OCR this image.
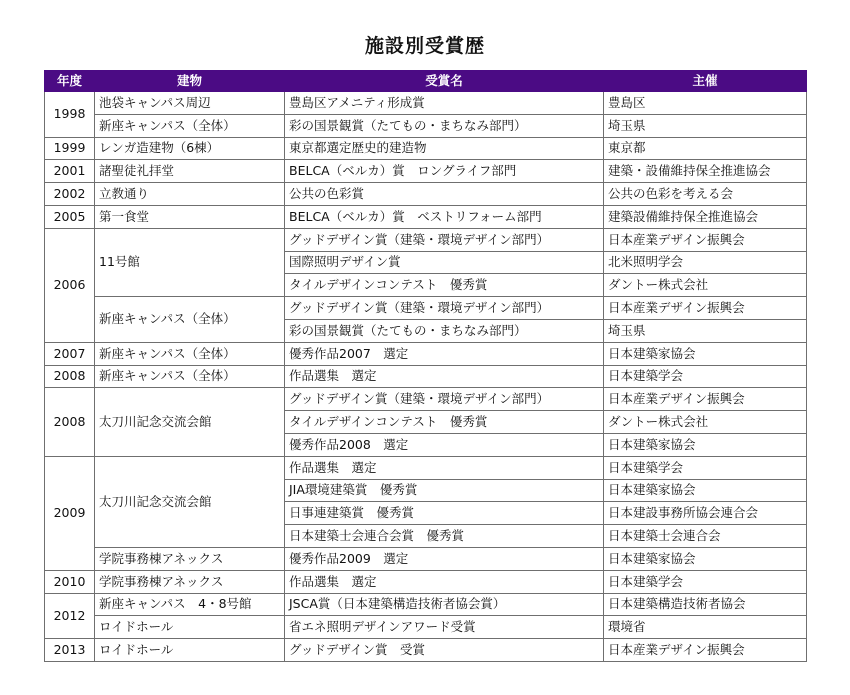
施設別受賞歴
年度	建物	受賞名	主催
1998	池袋キャンパス周辺	豊島区アメニティ形成賞	豊島区
	新座キャンパス（全体）	彩の国景観賞（たてもの・まちなみ部門）	埼玉県
1999	レンガ造建物（6棟）	東京都選定歴史的建造物	東京都
2001	諸聖徒礼拝堂	BELCA（ベルカ）賞　ロングライフ部門	建築・設備維持保全推進協会
2002	立教通り	公共の色彩賞	公共の色彩を考える会
2005	第一食堂	BELCA（ベルカ）賞　ベストリフォーム部門	建築設備維持保全推進協会
2006	11号館	グッドデザイン賞（建築・環境デザイン部門）	日本産業デザイン振興会
		国際照明デザイン賞	北米照明学会
		タイルデザインコンテスト　優秀賞	ダントー株式会社
	新座キャンパス（全体）	グッドデザイン賞（建築・環境デザイン部門）	日本産業デザイン振興会
		彩の国景観賞（たてもの・まちなみ部門）	埼玉県
2007	新座キャンパス（全体）	優秀作品2007　選定	日本建築家協会
2008	新座キャンパス（全体）	作品選集　選定	日本建築学会
2008	太刀川記念交流会館	グッドデザイン賞（建築・環境デザイン部門）	日本産業デザイン振興会
		タイルデザインコンテスト　優秀賞	ダントー株式会社
		優秀作品2008　選定	日本建築家協会
2009	太刀川記念交流会館	作品選集　選定	日本建築学会
		JIA環境建築賞　優秀賞	日本建築家協会
		日事連建築賞　優秀賞	日本建設事務所協会連合会
		日本建築士会連合会賞　優秀賞	日本建築士会連合会
	学院事務棟アネックス	優秀作品2009　選定	日本建築家協会
2010	学院事務棟アネックス	作品選集　選定	日本建築学会
2012	新座キャンパス　4・8号館	JSCA賞（日本建築構造技術者協会賞）	日本建築構造技術者協会
	ロイドホール	省エネ照明デザインアワード受賞	環境省
2013	ロイドホール	グッドデザイン賞　受賞	日本産業デザイン振興会
